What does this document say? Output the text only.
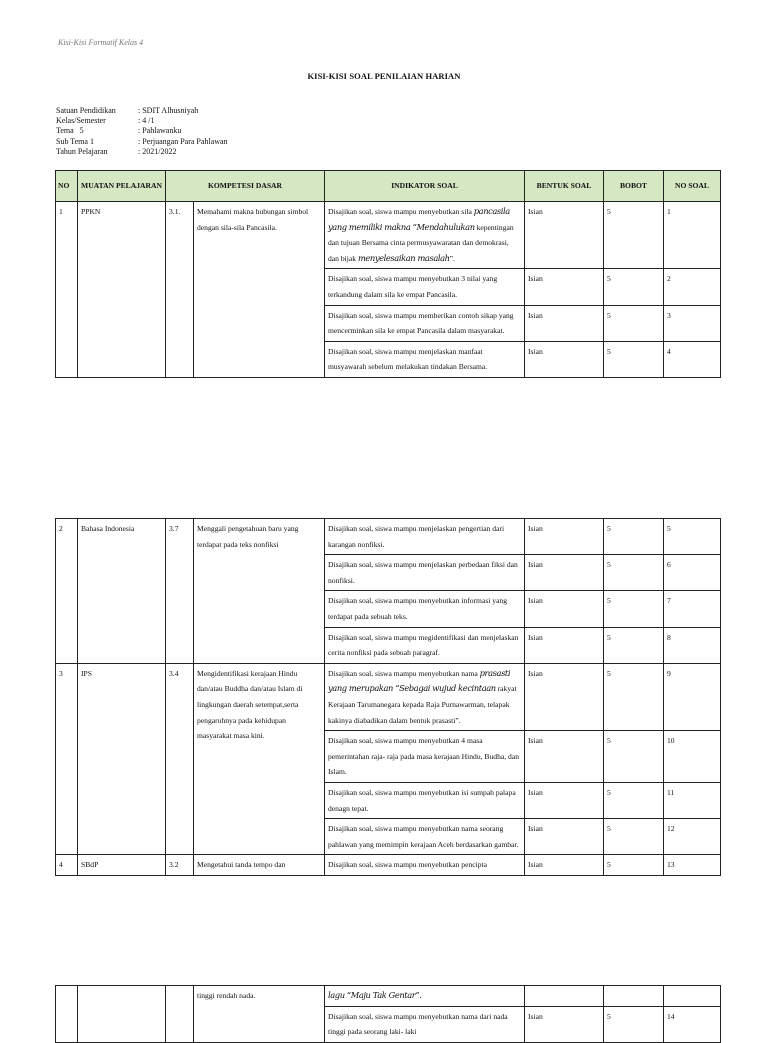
Kisi-Kisi Formatif Kelas 4
KISI-KISI SOAL PENILAIAN HARIAN
Satuan Pendidikan	: SDIT Alhusniyah
Kelas/Semester	: 4 /1
Tema   5	: Pahlawanku
Sub Tema 1	: Perjuangan Para Pahlawan
Tahun Pelajaran	: 2021/2022
NO	MUATAN PELAJARAN	KOMPETESI DASAR		INDIKATOR SOAL	BENTUK SOAL	BOBOT	NO SOAL
1	PPKN	3.1.	Memahami makna hubungan simbol dengan sila-sila Pancasila.	Disajikan soal, siswa mampu menyebutkan sila pancasila yang memiliki makna “Mendahulukan kepentingan dan tujuan Bersama cinta permusyawaratan dan demokrasi, dan bijak menyelesaikan masalah”.	Isian	5	1
				Disajikan soal, siswa mampu menyebutkan 3 nilai yang terkandung dalam sila ke empat Pancasila.	Isian	5	2
				Disajikan soal, siswa mampu memberikan contoh sikap yang mencerminkan sila ke empat Pancasila dalam masyarakat.	Isian	5	3
				Disajikan soal, siswa mampu menjelaskan manfaat musyawarah sebelum melakukan tindakan Bersama.	Isian	5	4
2	Bahasa Indonesia	3.7	Menggali pengetahuan baru yang terdapat pada teks nonfiksi	Disajikan soal, siswa mampu menjelaskan pengertian dari karangan nonfiksi.	Isian	5	5
				Disajikan soal, siswa mampu menjelaskan perbedaan fiksi dan nonfiksi.	Isian	5	6
				Disajikan soal, siswa mampu menyebutkan informasi yang terdapat pada sebuah teks.	Isian	5	7
				Disajikan soal, siswa mampu megidentifikasi dan menjelaskan cerita nonfiksi pada sebuah paragraf.	Isian	5	8
3	IPS	3.4	Mengidentifikasi kerajaan Hindu dan/atau Buddha dan/atau Islam di lingkungan daerah setempat,serta pengaruhnya pada kehidupan masyarakat masa kini.	Disajikan soal, siswa mampu menyebutkan nama prasasti yang merupakan “Sebagai wujud kecintaan rakyat Kerajaan Tarumanegara kepada Raja Purnawarman, telapak kakinya diabadikan dalam bentuk prasasti”.	Isian	5	9
				Disajikan soal, siswa mampu menyebutkan 4 masa pemerintahan raja- raja pada masa kerajaan Hindu, Budha, dan Islam.	Isian	5	10
				Disajikan soal, siswa mampu menyebutkan isi sumpah palapa denagn tepat.	Isian	5	11
				Disajikan soal, siswa mampu menyebutkan nama seorang pahlawan yang memimpin kerajaan Aceh berdasarkan gambar.	Isian	5	12
4	SBdP	3.2	Mengetahui tanda tempo dan	Disajikan soal, siswa mampu menyebutkan pencipta	Isian	5	13
			tinggi rendah nada.	lagu “Maju Tak Gentar”.			
				Disajikan soal, siswa mampu menyebutkan nama dari nada tinggi pada seorang laki- laki	Isian	5	14
